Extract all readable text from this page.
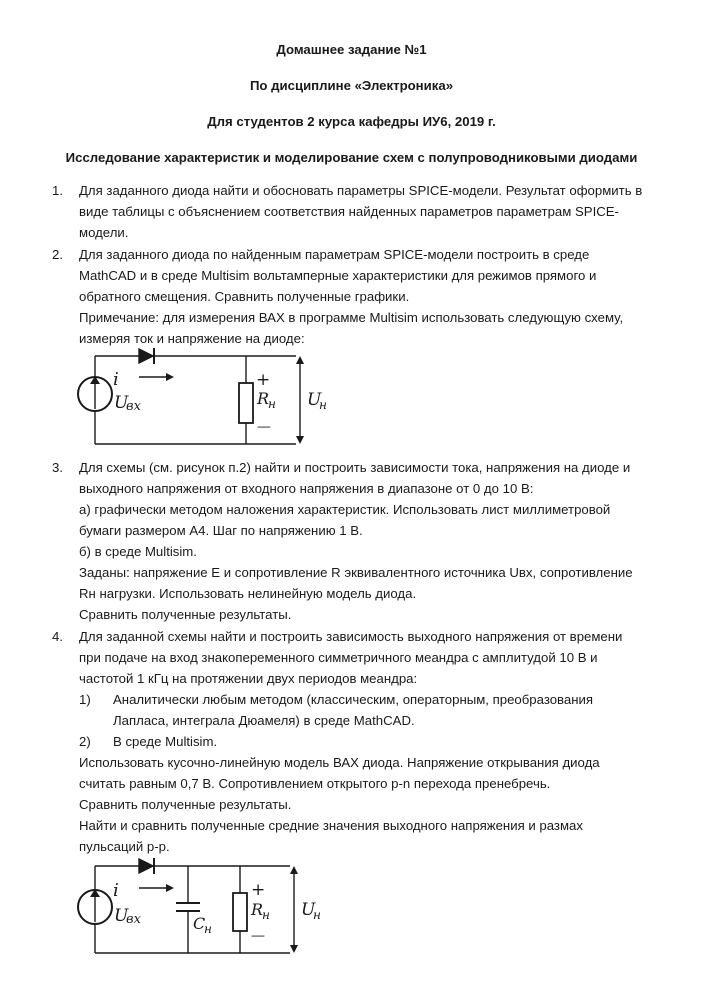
Домашнее задание №1
По дисциплине «Электроника»
Для студентов 2 курса кафедры ИУ6, 2019 г.
Исследование характеристик и моделирование схем с полупроводниковыми диодами
1. Для заданного диода найти и обосновать параметры SPICE-модели. Результат оформить в
виде таблицы с объяснением соответствия найденных параметров параметрам SPICE-
модели.
2. Для заданного диода по найденным параметрам SPICE-модели построить в среде
MathCAD и в среде Multisim вольтамперные характеристики для режимов прямого и
обратного смещения. Сравнить полученные графики.
Примечание: для измерения ВАХ в программе Multisim использовать следующую схему,
измеряя ток и напряжение на диоде:
i
U
вх
+
R
н
—
U
н
3. Для схемы (см. рисунок п.2) найти и построить зависимости тока, напряжения на диоде и
выходного напряжения от входного напряжения в диапазоне от 0 до 10 В:
а) графически методом наложения характеристик. Использовать лист миллиметровой
бумаги размером А4. Шаг по напряжению 1 В.
б) в среде Multisim.
Заданы: напряжение E и сопротивление R эквивалентного источника Uвх, сопротивление
Rн нагрузки. Использовать нелинейную модель диода.
Сравнить полученные результаты.
4. Для заданной схемы найти и построить зависимость выходного напряжения от времени
при подаче на вход знакопеременного симметричного меандра с амплитудой 10 В и
частотой 1 кГц на протяжении двух периодов меандра:
1) Аналитически любым методом (классическим, операторным, преобразования
Лапласа, интеграла Дюамеля) в среде MathCAD.
2) В среде Multisim.
Использовать кусочно-линейную модель ВАХ диода. Напряжение открывания диода
считать равным 0,7 В. Сопротивлением открытого p-n перехода пренебречь.
Сравнить полученные результаты.
Найти и сравнить полученные средние значения выходного напряжения и размах
пульсаций p-p.
i
U
вх	C
н
+
R
н
—
U
н
